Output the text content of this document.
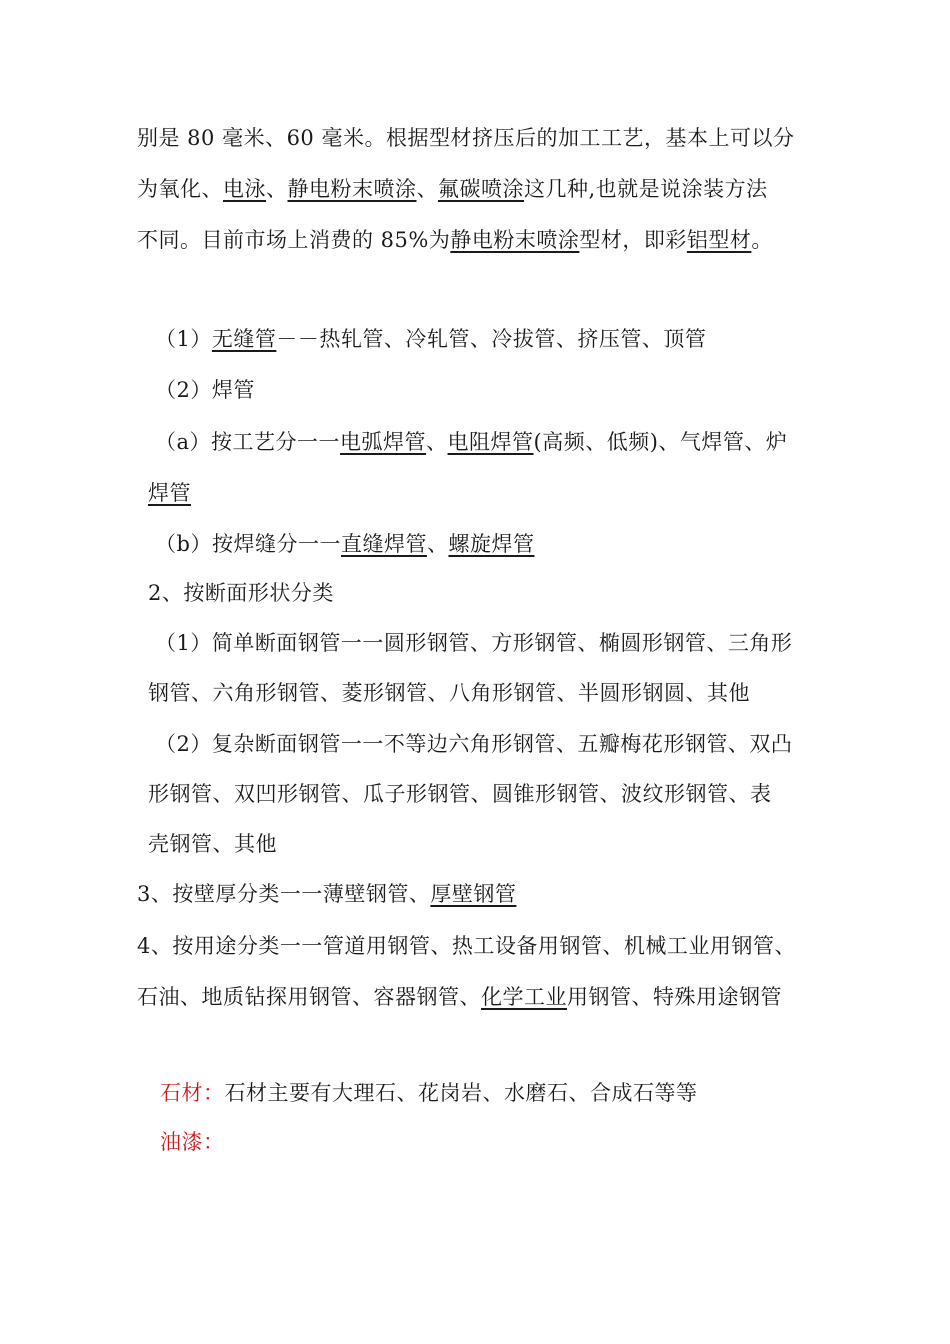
别是 80 毫米、60 毫米。根据型材挤压后的加工工艺，基本上可以分
为氧化、电泳、静电粉末喷涂、氟碳喷涂这几种,也就是说涂装方法
不同。目前市场上消费的 85%为静电粉末喷涂型材，即彩铝型材。
（1）无缝管－－热轧管、冷轧管、冷拔管、挤压管、顶管
（2）焊管
（a）按工艺分一一电弧焊管、电阻焊管(高频、低频)、气焊管、炉
焊管
（b）按焊缝分一一直缝焊管、螺旋焊管
2、按断面形状分类
（1）简单断面钢管一一圆形钢管、方形钢管、椭圆形钢管、三角形
钢管、六角形钢管、菱形钢管、八角形钢管、半圆形钢圆、其他
（2）复杂断面钢管一一不等边六角形钢管、五瓣梅花形钢管、双凸
形钢管、双凹形钢管、瓜子形钢管、圆锥形钢管、波纹形钢管、表
壳钢管、其他
3、按壁厚分类一一薄壁钢管、厚壁钢管
4、按用途分类一一管道用钢管、热工设备用钢管、机械工业用钢管、
石油、地质钻探用钢管、容器钢管、化学工业用钢管、特殊用途钢管
石材：石材主要有大理石、花岗岩、水磨石、合成石等等
油漆：
